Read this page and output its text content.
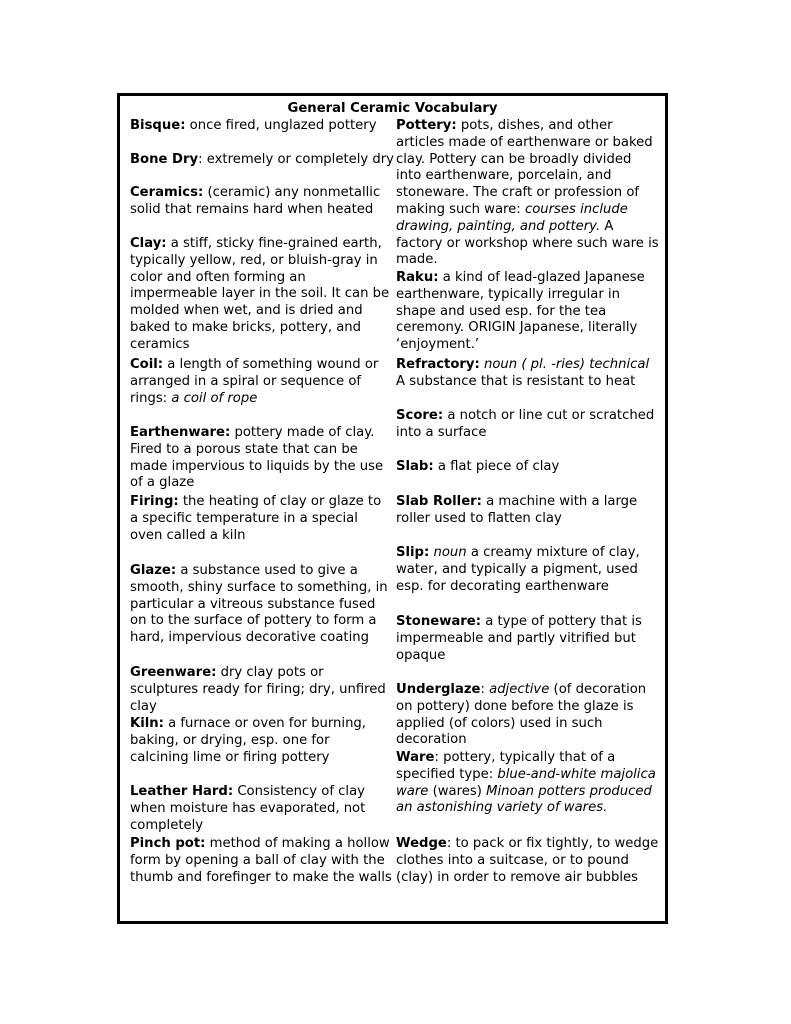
General Ceramic Vocabulary
Bisque: once fired, unglazed pottery
Bone Dry: extremely or completely dry
Ceramics: (ceramic) any nonmetallic solid that remains hard when heated
Clay: a stiff, sticky fine-grained earth, typically yellow, red, or bluish-gray in color and often forming an impermeable layer in the soil. It can be molded when wet, and is dried and baked to make bricks, pottery, and ceramics
Coil: a length of something wound or arranged in a spiral or sequence of rings: a coil of rope
Earthenware: pottery made of clay. Fired to a porous state that can be made impervious to liquids by the use of a glaze
Firing: the heating of clay or glaze to a specific temperature in a special oven called a kiln
Glaze: a substance used to give a smooth, shiny surface to something, in particular a vitreous substance fused on to the surface of pottery to form a hard, impervious decorative coating
Greenware: dry clay pots or sculptures ready for firing; dry, unfired clay
Kiln: a furnace or oven for burning, baking, or drying, esp. one for calcining lime or firing pottery
Leather Hard: Consistency of clay when moisture has evaporated, not completely
Pinch pot: method of making a hollow form by opening a ball of clay with the thumb and forefinger to make the walls
Pottery: pots, dishes, and other articles made of earthenware or baked clay. Pottery can be broadly divided into earthenware, porcelain, and stoneware. The craft or profession of making such ware: courses include drawing, painting, and pottery. A factory or workshop where such ware is made.
Raku: a kind of lead-glazed Japanese earthenware, typically irregular in shape and used esp. for the tea ceremony. ORIGIN Japanese, literally ‘enjoyment.’
Refractory: noun ( pl. -ries) technical A substance that is resistant to heat
Score: a notch or line cut or scratched into a surface
Slab: a flat piece of clay
Slab Roller: a machine with a large roller used to flatten clay
Slip: noun a creamy mixture of clay, water, and typically a pigment, used esp. for decorating earthenware
Stoneware: a type of pottery that is impermeable and partly vitrified but opaque
Underglaze: adjective (of decoration on pottery) done before the glaze is applied (of colors) used in such decoration
Ware: pottery, typically that of a specified type: blue-and-white majolica ware (wares) Minoan potters produced an astonishing variety of wares.
Wedge: to pack or fix tightly, to wedge clothes into a suitcase, or to pound (clay) in order to remove air bubbles
